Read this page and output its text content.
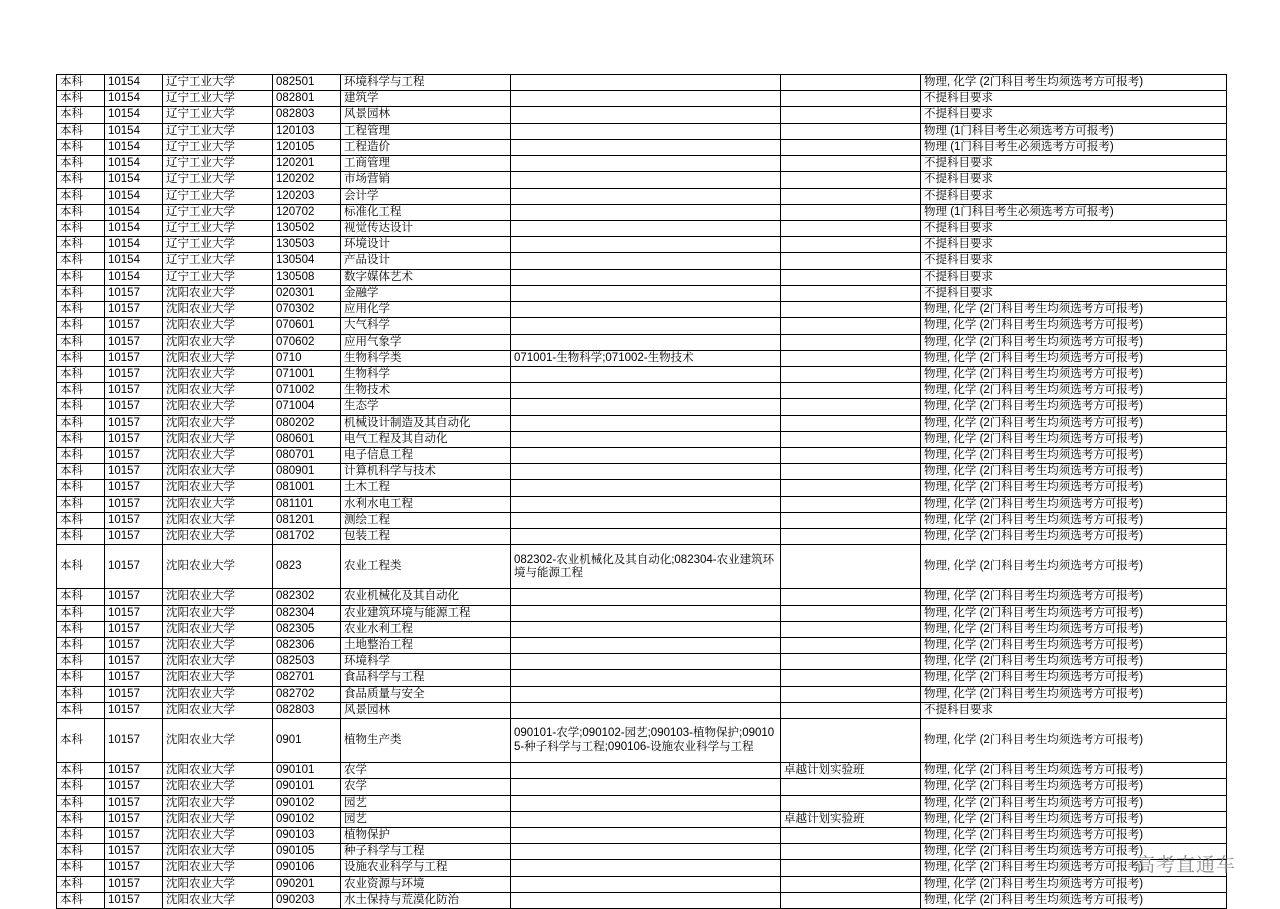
本科	10154	辽宁工业大学	082501	环境科学与工程			物理, 化学 (2门科目考生均须选考方可报考)
本科	10154	辽宁工业大学	082801	建筑学			不提科目要求
本科	10154	辽宁工业大学	082803	风景园林			不提科目要求
本科	10154	辽宁工业大学	120103	工程管理			物理 (1门科目考生必须选考方可报考)
本科	10154	辽宁工业大学	120105	工程造价			物理 (1门科目考生必须选考方可报考)
本科	10154	辽宁工业大学	120201	工商管理			不提科目要求
本科	10154	辽宁工业大学	120202	市场营销			不提科目要求
本科	10154	辽宁工业大学	120203	会计学			不提科目要求
本科	10154	辽宁工业大学	120702	标准化工程			物理 (1门科目考生必须选考方可报考)
本科	10154	辽宁工业大学	130502	视觉传达设计			不提科目要求
本科	10154	辽宁工业大学	130503	环境设计			不提科目要求
本科	10154	辽宁工业大学	130504	产品设计			不提科目要求
本科	10154	辽宁工业大学	130508	数字媒体艺术			不提科目要求
本科	10157	沈阳农业大学	020301	金融学			不提科目要求
本科	10157	沈阳农业大学	070302	应用化学			物理, 化学 (2门科目考生均须选考方可报考)
本科	10157	沈阳农业大学	070601	大气科学			物理, 化学 (2门科目考生均须选考方可报考)
本科	10157	沈阳农业大学	070602	应用气象学			物理, 化学 (2门科目考生均须选考方可报考)
本科	10157	沈阳农业大学	0710	生物科学类	071001-生物科学;071002-生物技术		物理, 化学 (2门科目考生均须选考方可报考)
本科	10157	沈阳农业大学	071001	生物科学			物理, 化学 (2门科目考生均须选考方可报考)
本科	10157	沈阳农业大学	071002	生物技术			物理, 化学 (2门科目考生均须选考方可报考)
本科	10157	沈阳农业大学	071004	生态学			物理, 化学 (2门科目考生均须选考方可报考)
本科	10157	沈阳农业大学	080202	机械设计制造及其自动化			物理, 化学 (2门科目考生均须选考方可报考)
本科	10157	沈阳农业大学	080601	电气工程及其自动化			物理, 化学 (2门科目考生均须选考方可报考)
本科	10157	沈阳农业大学	080701	电子信息工程			物理, 化学 (2门科目考生均须选考方可报考)
本科	10157	沈阳农业大学	080901	计算机科学与技术			物理, 化学 (2门科目考生均须选考方可报考)
本科	10157	沈阳农业大学	081001	土木工程			物理, 化学 (2门科目考生均须选考方可报考)
本科	10157	沈阳农业大学	081101	水利水电工程			物理, 化学 (2门科目考生均须选考方可报考)
本科	10157	沈阳农业大学	081201	测绘工程			物理, 化学 (2门科目考生均须选考方可报考)
本科	10157	沈阳农业大学	081702	包装工程			物理, 化学 (2门科目考生均须选考方可报考)
本科	10157	沈阳农业大学	0823	农业工程类	082302-农业机械化及其自动化;082304-农业建筑环境与能源工程		物理, 化学 (2门科目考生均须选考方可报考)
本科	10157	沈阳农业大学	082302	农业机械化及其自动化			物理, 化学 (2门科目考生均须选考方可报考)
本科	10157	沈阳农业大学	082304	农业建筑环境与能源工程			物理, 化学 (2门科目考生均须选考方可报考)
本科	10157	沈阳农业大学	082305	农业水利工程			物理, 化学 (2门科目考生均须选考方可报考)
本科	10157	沈阳农业大学	082306	土地整治工程			物理, 化学 (2门科目考生均须选考方可报考)
本科	10157	沈阳农业大学	082503	环境科学			物理, 化学 (2门科目考生均须选考方可报考)
本科	10157	沈阳农业大学	082701	食品科学与工程			物理, 化学 (2门科目考生均须选考方可报考)
本科	10157	沈阳农业大学	082702	食品质量与安全			物理, 化学 (2门科目考生均须选考方可报考)
本科	10157	沈阳农业大学	082803	风景园林			不提科目要求
本科	10157	沈阳农业大学	0901	植物生产类	090101-农学;090102-园艺;090103-植物保护;090105-种子科学与工程;090106-设施农业科学与工程		物理, 化学 (2门科目考生均须选考方可报考)
本科	10157	沈阳农业大学	090101	农学		卓越计划实验班	物理, 化学 (2门科目考生均须选考方可报考)
本科	10157	沈阳农业大学	090101	农学			物理, 化学 (2门科目考生均须选考方可报考)
本科	10157	沈阳农业大学	090102	园艺			物理, 化学 (2门科目考生均须选考方可报考)
本科	10157	沈阳农业大学	090102	园艺		卓越计划实验班	物理, 化学 (2门科目考生均须选考方可报考)
本科	10157	沈阳农业大学	090103	植物保护			物理, 化学 (2门科目考生均须选考方可报考)
本科	10157	沈阳农业大学	090105	种子科学与工程			物理, 化学 (2门科目考生均须选考方可报考)
本科	10157	沈阳农业大学	090106	设施农业科学与工程			物理, 化学 (2门科目考生均须选考方可报考)
本科	10157	沈阳农业大学	090201	农业资源与环境			物理, 化学 (2门科目考生均须选考方可报考)
本科	10157	沈阳农业大学	090203	水土保持与荒漠化防治			物理, 化学 (2门科目考生均须选考方可报考)
高考直通车
